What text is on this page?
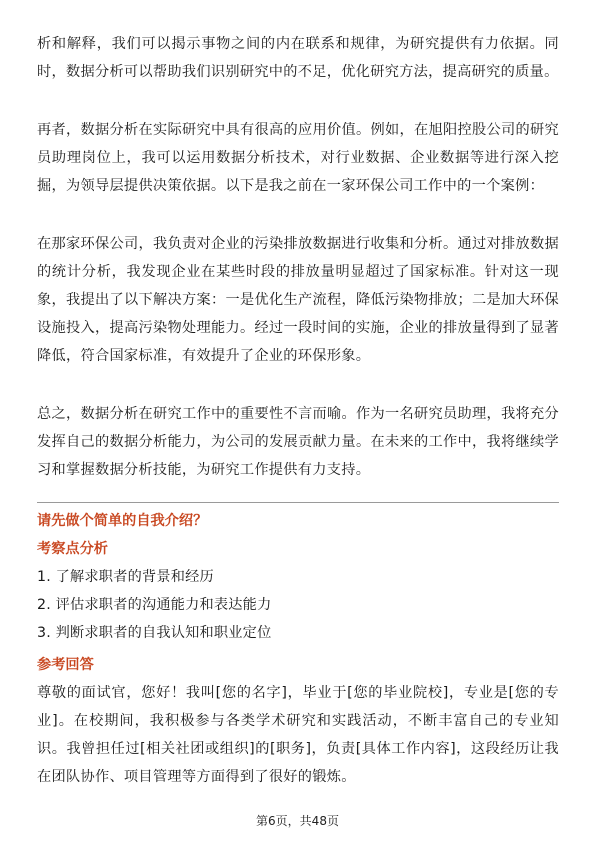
析和解释，我们可以揭示事物之间的内在联系和规律，为研究提供有力依据。同时，数据分析可以帮助我们识别研究中的不足，优化研究方法，提高研究的质量。

再者，数据分析在实际研究中具有很高的应用价值。例如，在旭阳控股公司的研究员助理岗位上，我可以运用数据分析技术，对行业数据、企业数据等进行深入挖掘，为领导层提供决策依据。以下是我之前在一家环保公司工作中的一个案例：

在那家环保公司，我负责对企业的污染排放数据进行收集和分析。通过对排放数据的统计分析，我发现企业在某些时段的排放量明显超过了国家标准。针对这一现象，我提出了以下解决方案：一是优化生产流程，降低污染物排放；二是加大环保设施投入，提高污染物处理能力。经过一段时间的实施，企业的排放量得到了显著降低，符合国家标准，有效提升了企业的环保形象。

总之，数据分析在研究工作中的重要性不言而喻。作为一名研究员助理，我将充分发挥自己的数据分析能力，为公司的发展贡献力量。在未来的工作中，我将继续学习和掌握数据分析技能，为研究工作提供有力支持。

请先做个简单的自我介绍？

考察点分析

1. 了解求职者的背景和经历
2. 评估求职者的沟通能力和表达能力
3. 判断求职者的自我认知和职业定位

参考回答

尊敬的面试官，您好！我叫[您的名字]，毕业于[您的毕业院校]，专业是[您的专业]。在校期间，我积极参与各类学术研究和实践活动，不断丰富自己的专业知识。我曾担任过[相关社团或组织]的[职务]，负责[具体工作内容]，这段经历让我在团队协作、项目管理等方面得到了很好的锻炼。

第6页，共48页
